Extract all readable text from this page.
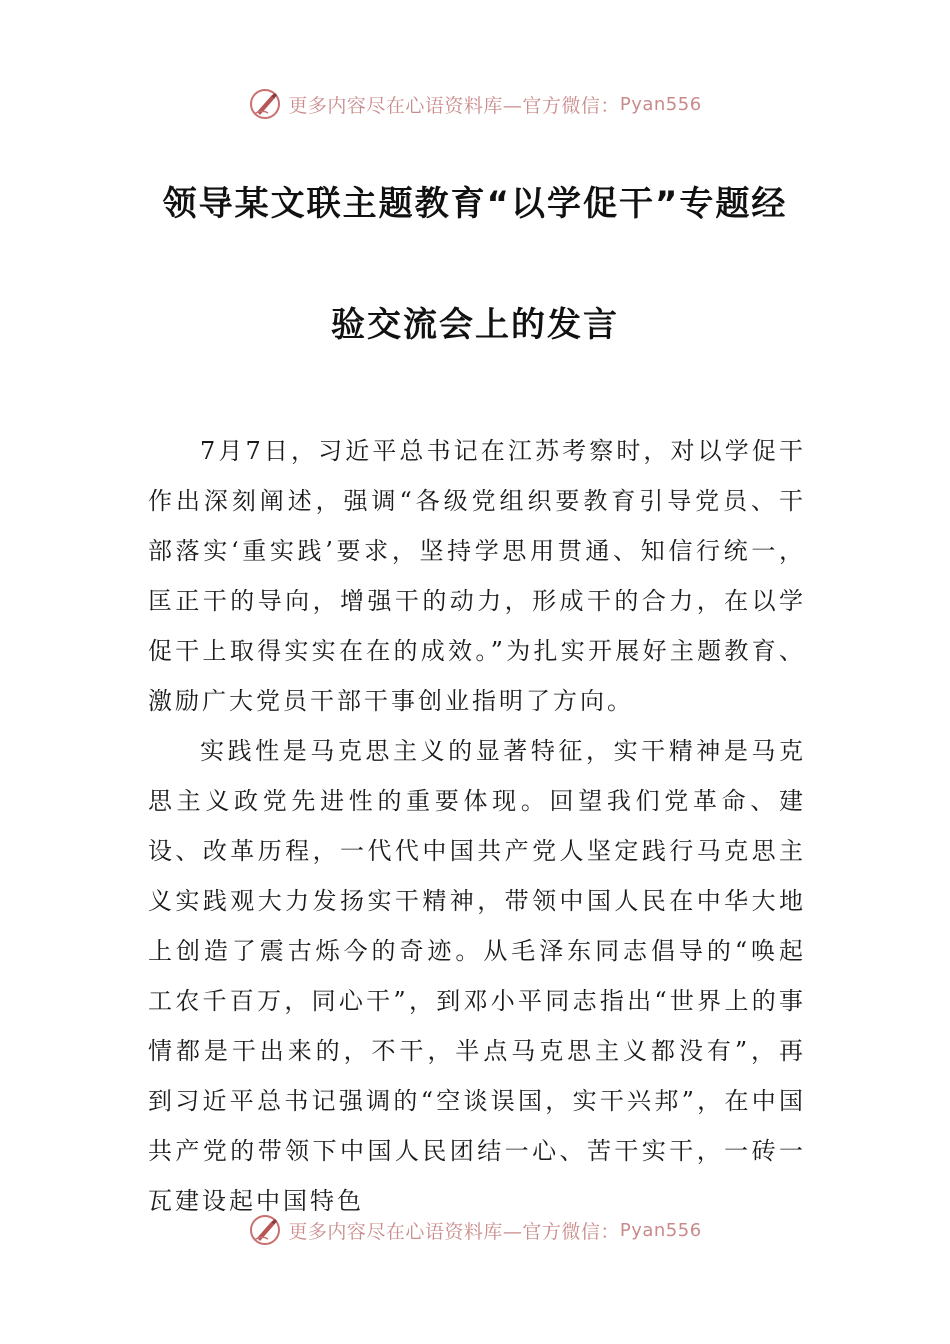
更多内容尽在心语资料库—官方微信： Pyan556
领导某文联主题教育“以学促干”专题经
验交流会上的发言

7月7日，习近平总书记在江苏考察时，对以学促干作出深刻阐述，强调“各级党组织要教育引导党员、干部落实‘重实践’要求，坚持学思用贯通、知信行统一，匡正干的导向，增强干的动力，形成干的合力，在以学促干上取得实实在在的成效。”为扎实开展好主题教育、激励广大党员干部干事创业指明了方向。

实践性是马克思主义的显著特征，实干精神是马克思主义政党先进性的重要体现。回望我们党革命、建设、改革历程，一代代中国共产党人坚定践行马克思主义实践观大力发扬实干精神，带领中国人民在中华大地上创造了震古烁今的奇迹。从毛泽东同志倡导的“唤起工农千百万，同心干”，到邓小平同志指出“世界上的事情都是干出来的，不干，半点马克思主义都没有”，再到习近平总书记强调的“空谈误国，实干兴邦”，在中国共产党的带领下中国人民团结一心、苦干实干，一砖一瓦建设起中国特色

更多内容尽在心语资料库—官方微信： Pyan556
